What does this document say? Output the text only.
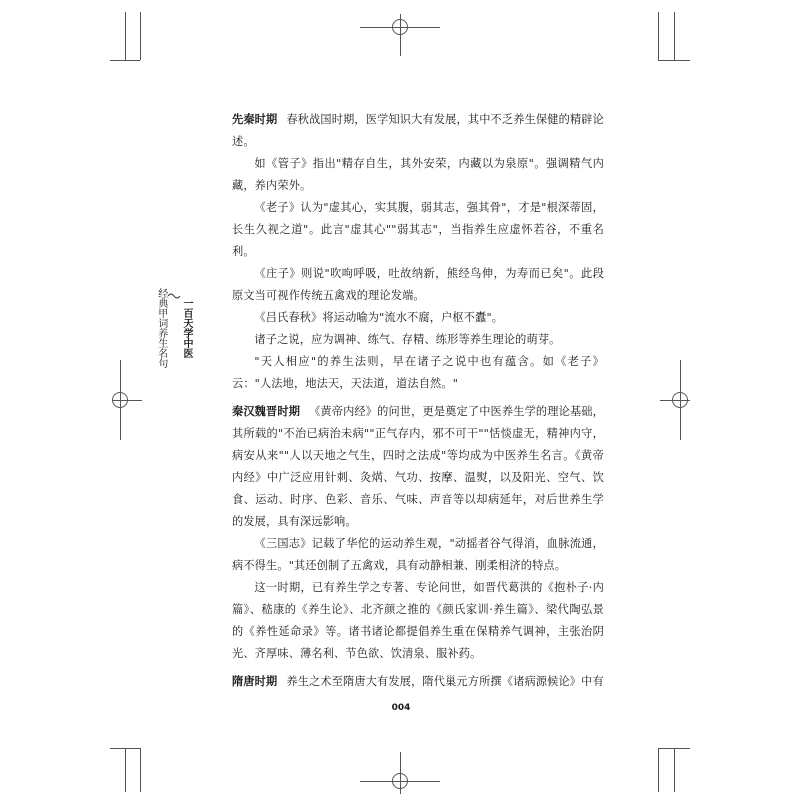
一百天学中医
经典甲词养生名句

先秦时期 春秋战国时期，医学知识大有发展，其中不乏养生保健的精辟论述。

如《管子》指出"精存自生，其外安荣，内藏以为泉原"。强调精气内藏，养内荣外。

《老子》认为"虚其心，实其腹，弱其志，强其骨"，才是"根深蒂固，长生久视之道"。此言"虚其心""弱其志"，当指养生应虚怀若谷，不重名利。

《庄子》则说"吹呴呼吸，吐故纳新，熊经鸟伸，为寿而已矣"。此段原文当可视作传统五禽戏的理论发端。

《吕氏春秋》将运动喻为"流水不腐，户枢不蠹"。

诸子之说，应为调神、练气、存精、练形等养生理论的萌芽。

"天人相应"的养生法则，早在诸子之说中也有蕴含。如《老子》云："人法地，地法天，天法道，道法自然。"

秦汉魏晋时期 《黄帝内经》的问世，更是奠定了中医养生学的理论基础，其所载的"不治已病治未病""正气存内，邪不可干""恬惔虚无，精神内守，病安从来""人以天地之气生，四时之法成"等均成为中医养生名言。《黄帝内经》中广泛应用针刺、灸焫、气功、按摩、温熨，以及阳光、空气、饮食、运动、时序、色彩、音乐、气味、声音等以却病延年，对后世养生学的发展，具有深远影响。

《三国志》记载了华佗的运动养生观，"动摇者谷气得消，血脉流通，病不得生。"其还创制了五禽戏，具有动静相兼、刚柔相济的特点。

这一时期，已有养生学之专著、专论问世，如晋代葛洪的《抱朴子·内篇》、嵇康的《养生论》、北齐颜之推的《颜氏家训·养生篇》、梁代陶弘景的《养性延命录》等。诸书诸论都提倡养生重在保精养气调神，主张治阴光、齐厚味、薄名利、节色欲、饮清泉、服补药。

隋唐时期 养生之术至隋唐大有发展，隋代巢元方所撰《诸病源候论》中有

004
